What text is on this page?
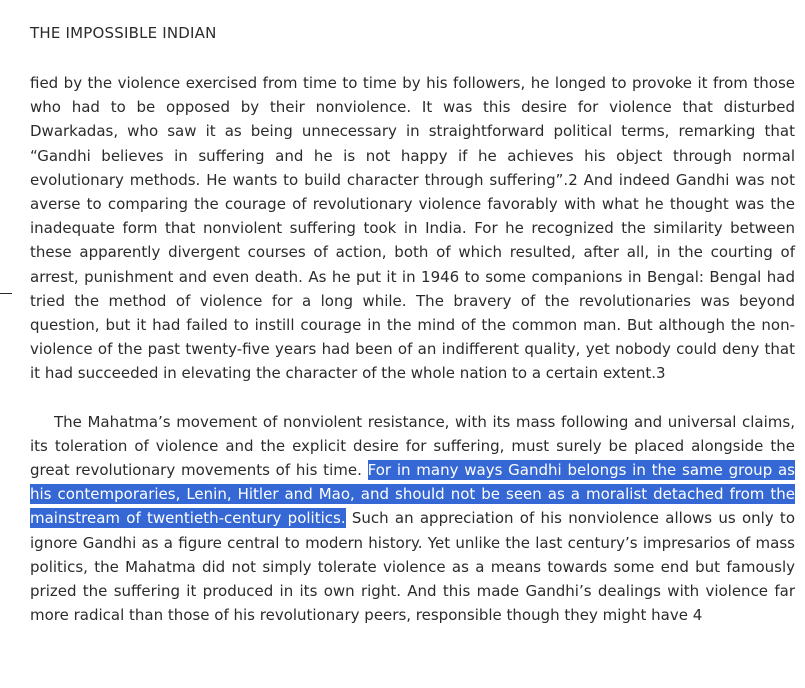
THE IMPOSSIBLE INDIAN

fied by the violence exercised from time to time by his followers, he longed to provoke it from those who had to be opposed by their nonviolence. It was this desire for violence that disturbed Dwarkadas, who saw it as being unnecessary in straightforward political terms, remarking that “Gandhi believes in suffering and he is not happy if he achieves his object through normal evolutionary methods. He wants to build character through suffering”.2 And indeed Gandhi was not averse to comparing the courage of revolutionary violence favorably with what he thought was the inadequate form that nonviolent suffering took in India. For he recognized the similarity between these apparently divergent courses of action, both of which resulted, after all, in the courting of arrest, punishment and even death. As he put it in 1946 to some companions in Bengal: Bengal had tried the method of violence for a long while. The bravery of the revolutionaries was beyond question, but it had failed to instill courage in the mind of the common man. But although the non-violence of the past twenty-five years had been of an indifferent quality, yet nobody could deny that it had succeeded in elevating the character of the whole nation to a certain extent.3

The Mahatma’s movement of nonviolent resistance, with its mass following and universal claims, its toleration of violence and the explicit desire for suffering, must surely be placed alongside the great revolutionary movements of his time. For in many ways Gandhi belongs in the same group as his contemporaries, Lenin, Hitler and Mao, and should not be seen as a moralist detached from the mainstream of twentieth-century politics. Such an appreciation of his nonviolence allows us only to ignore Gandhi as a figure central to modern history. Yet unlike the last century’s impresarios of mass politics, the Mahatma did not simply tolerate violence as a means towards some end but famously prized the suffering it produced in its own right. And this made Gandhi’s dealings with violence far more radical than those of his revolutionary peers, responsible though they might have 4
